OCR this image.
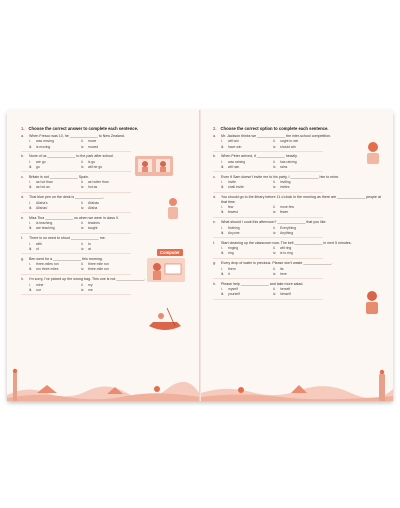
1. Choose the correct answer to complete each sentence.
a.	When Fresco was 10, he ______________ to New Zealand.
i.	was moving	ii.	move
iii.	is moving	iv.	moved
b.	None of us ______________ to the park after school.
i.	are go	ii.	is go
iii.	go	iv.	will be go
c.	Britain is not ______________ Spain.
i.	as hot than	ii.	as hotter than
iii.	as hot as	iv.	hot as
d.	That blue pen on the desk is ______________.
i.	Alisha's	ii.	Alishas
iii.	Alishas'	iv.	Alisha
e.	Miss Tina ______________ us when we were in class V.
i.	is teaching	ii.	teaches
iii.	are teaching	iv.	taught
f.	There is no need to shout ______________ me.
i.	with	ii.	to
iii.	of	iv.	at
g.	Ben went for a ______________ this morning.
i.	three-miles run	ii.	three mile run
iii.	run three miles	iv.	three-mile run
h.	I'm sorry, I've picked up the wrong bag. This one is not ______________.
i.	mine	ii.	my
iii.	our	iv.	me
Computer
2. Choose the correct option to complete each sentence.
a.	Mr. Jackson thinks we ______________ the inter-school competition.
i.	will win	ii.	ought to win
iii.	have win	iv.	should win
b.	When Peter arrived, it ______________ heavily.
i.	was raining	ii.	has raining
iii.	will rain	iv.	rains
c.	Even if Sam doesn't invite me to his party, I ______________ him to mine.
i.	invite	ii.	inviting
iii.	shall invite	iv.	invites
d.	You should go to the library before 11 o'clock in the morning as there are ______________ people at that time.
i.	few	ii.	more few
iii.	fewest	iv.	fewer
e.	What should I cook this afternoon? ______________ that you like.
i.	Nothing	ii.	Everything
iii.	Anyone	iv.	Anything
f.	Start cleaning up the classroom now. The bell ______________ in next 5 minutes.
i.	ringing	ii.	will ring
iii.	ring	iv.	is to ring
g.	Every drop of water is precious. Please don't waste ______________.
i.	them	ii.	its
iii.	it	iv.	here
h.	Please help ______________ and take more salad.
i.	myself	ii.	herself
iii.	yourself	iv.	himself
